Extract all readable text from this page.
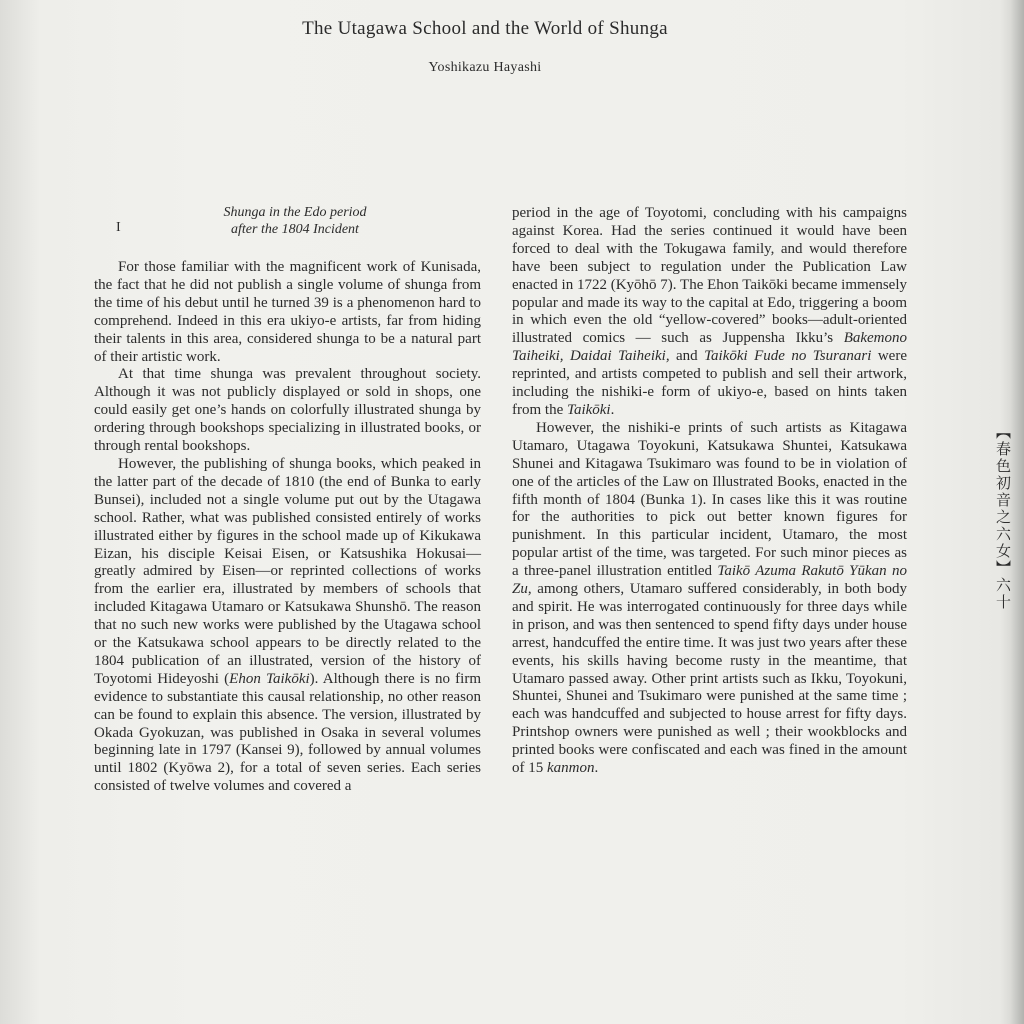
The Utagawa School and the World of Shunga
Yoshikazu Hayashi
I
Shunga in the Edo period
after the 1804 Incident

For those familiar with the magnificent work of Kunisada, the fact that he did not publish a single volume of shunga from the time of his debut until he turned 39 is a phenomenon hard to comprehend. Indeed in this era ukiyo-e artists, far from hiding their talents in this area, considered shunga to be a natural part of their artistic work.

At that time shunga was prevalent throughout society. Although it was not publicly displayed or sold in shops, one could easily get one’s hands on colorfully illustrated shunga by ordering through bookshops specializing in illustrated books, or through rental bookshops.

However, the publishing of shunga books, which peaked in the latter part of the decade of 1810 (the end of Bunka to early Bunsei), included not a single volume put out by the Utagawa school. Rather, what was published consisted entirely of works illustrated either by figures in the school made up of Kikukawa Eizan, his disciple Keisai Eisen, or Katsushika Hokusai—greatly admired by Eisen—or reprinted collections of works from the earlier era, illustrated by members of schools that included Kitagawa Utamaro or Katsukawa Shunshō. The reason that no such new works were published by the Utagawa school or the Katsukawa school appears to be directly related to the 1804 publication of an illustrated, version of the history of Toyotomi Hideyoshi (Ehon Taikōki). Although there is no firm evidence to substantiate this causal relationship, no other reason can be found to explain this absence. The version, illustrated by Okada Gyokuzan, was published in Osaka in several volumes beginning late in 1797 (Kansei 9), followed by annual volumes until 1802 (Kyōwa 2), for a total of seven series. Each series consisted of twelve volumes and covered a

period in the age of Toyotomi, concluding with his campaigns against Korea. Had the series continued it would have been forced to deal with the Tokugawa family, and would therefore have been subject to regulation under the Publication Law enacted in 1722 (Kyōhō 7). The Ehon Taikōki became immensely popular and made its way to the capital at Edo, triggering a boom in which even the old “yellow-covered” books—adult-oriented illustrated comics — such as Juppensha Ikku’s Bakemono Taiheiki, Daidai Taiheiki, and Taikōki Fude no Tsuranari were reprinted, and artists competed to publish and sell their artwork, including the nishiki-e form of ukiyo-e, based on hints taken from the Taikōki.

However, the nishiki-e prints of such artists as Kitagawa Utamaro, Utagawa Toyokuni, Katsukawa Shuntei, Katsukawa Shunei and Kitagawa Tsukimaro was found to be in violation of one of the articles of the Law on Illustrated Books, enacted in the fifth month of 1804 (Bunka 1). In cases like this it was routine for the authorities to pick out better known figures for punishment. In this particular incident, Utamaro, the most popular artist of the time, was targeted. For such minor pieces as a three-panel illustration entitled Taikō Azuma Rakutō Yūkan no Zu, among others, Utamaro suffered considerably, in both body and spirit. He was interrogated continuously for three days while in prison, and was then sentenced to spend fifty days under house arrest, handcuffed the entire time. It was just two years after these events, his skills having become rusty in the meantime, that Utamaro passed away. Other print artists such as Ikku, Toyokuni, Shuntei, Shunei and Tsukimaro were punished at the same time ; each was handcuffed and subjected to house arrest for fifty days. Printshop owners were punished as well ; their wookblocks and printed books were confiscated and each was fined in the amount of 15 kanmon.

【春色初音之六女】六十
